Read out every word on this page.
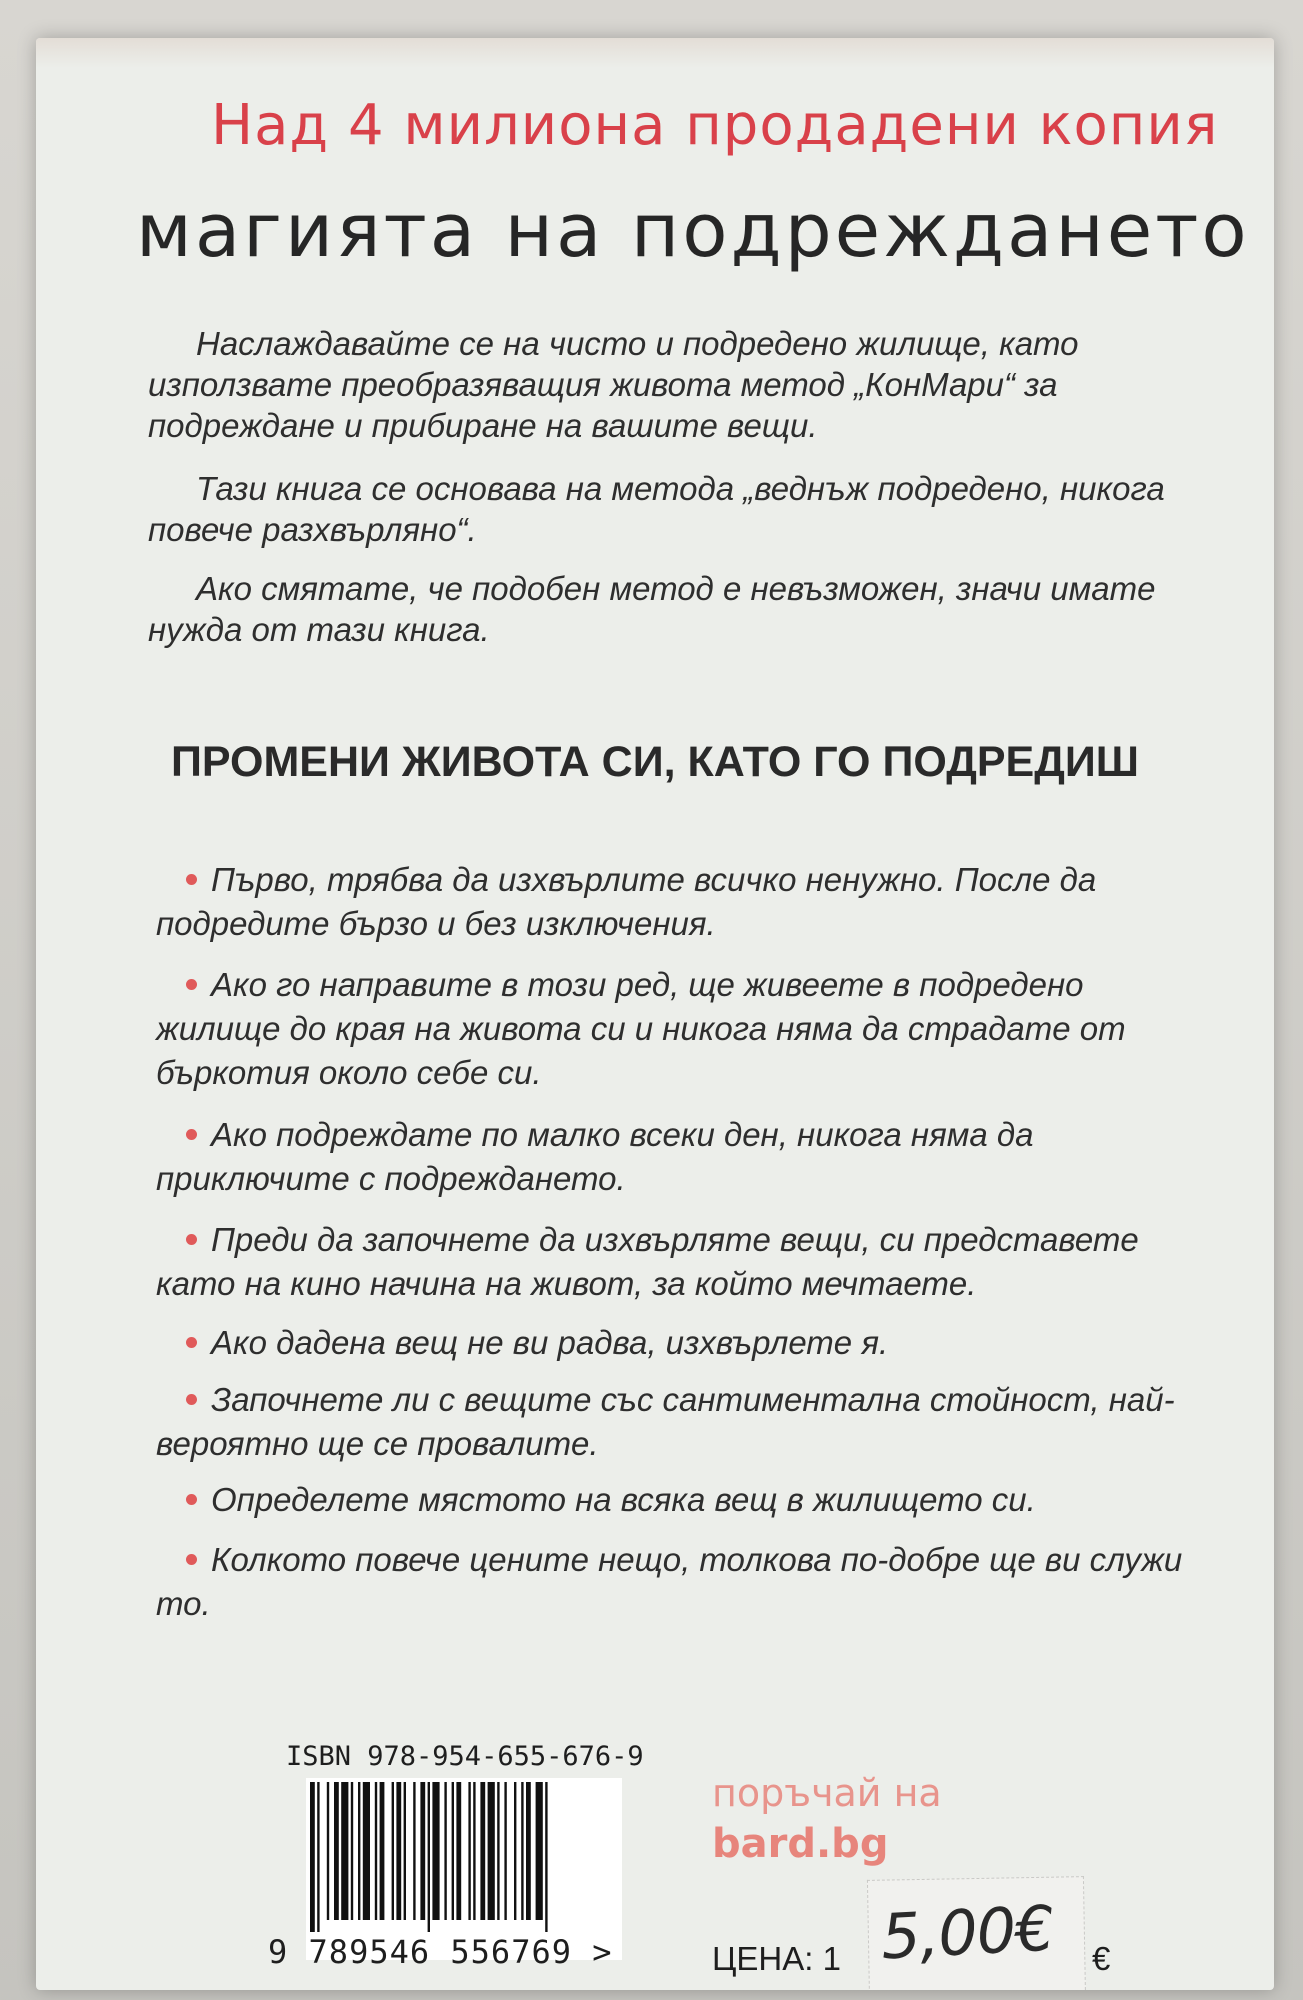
Над 4 милиона продадени копия
магията на подреждането

Наслаждавайте се на чисто и подредено жилище, като използвате преобразяващия живота метод „КонМари“ за подреждане и прибиране на вашите вещи.

Тази книга се основава на метода „веднъж подредено, никога повече разхвърляно“.

Ако смятате, че подобен метод е невъзможен, значи имате нужда от тази книга.

ПРОМЕНИ ЖИВОТА СИ, КАТО ГО ПОДРЕДИШ
Първо, трябва да изхвърлите всичко ненужно. После да подредите бързо и без изключения.
Ако го направите в този ред, ще живеете в подредено жилище до края на живота си и никога няма да страдате от бъркотия около себе си.
Ако подреждате по малко всеки ден, никога няма да приключите с подреждането.
Преди да започнете да изхвърляте вещи, си представете като на кино начина на живот, за който мечтаете.
Ако дадена вещ не ви радва, изхвърлете я.
Започнете ли с вещите със сантиментална стойност, най-вероятно ще се провалите.
Определете мястото на всяка вещ в жилището си.
Колкото повече цените нещо, толкова по-добре ще ви служи то.
ISBN 978-954-655-676-9
9 789546 556769 >
поръчай на
bard.bg
ЦЕНА: 1 5,00€ €
